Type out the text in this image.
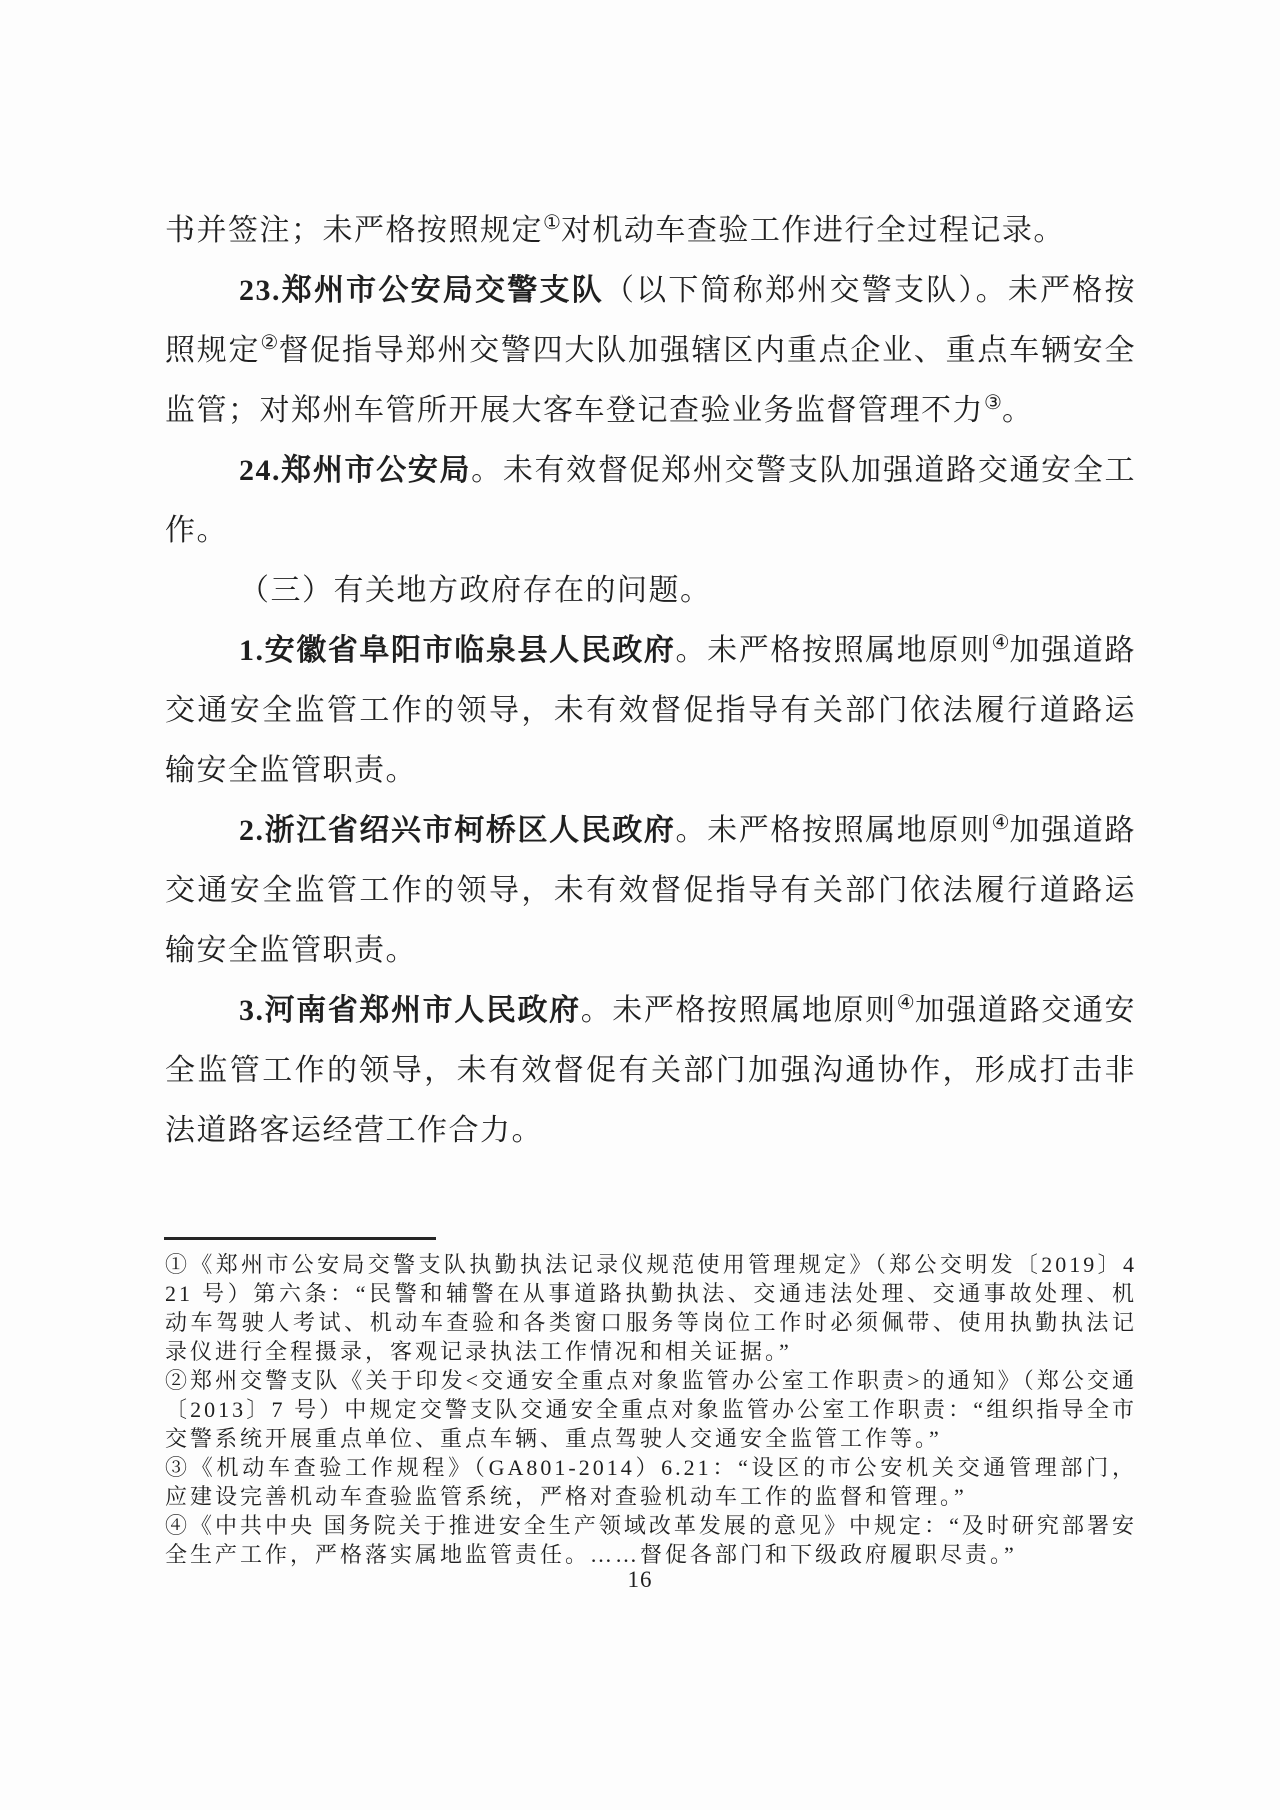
书并签注；未严格按照规定①对机动车查验工作进行全过程记录。

23.郑州市公安局交警支队（以下简称郑州交警支队）。未严格按照规定②督促指导郑州交警四大队加强辖区内重点企业、重点车辆安全监管；对郑州车管所开展大客车登记查验业务监督管理不力③。

24.郑州市公安局。未有效督促郑州交警支队加强道路交通安全工作。

（三）有关地方政府存在的问题。

1.安徽省阜阳市临泉县人民政府。未严格按照属地原则④加强道路交通安全监管工作的领导，未有效督促指导有关部门依法履行道路运输安全监管职责。

2.浙江省绍兴市柯桥区人民政府。未严格按照属地原则④加强道路交通安全监管工作的领导，未有效督促指导有关部门依法履行道路运输安全监管职责。

3.河南省郑州市人民政府。未严格按照属地原则④加强道路交通安全监管工作的领导，未有效督促有关部门加强沟通协作，形成打击非法道路客运经营工作合力。

①《郑州市公安局交警支队执勤执法记录仪规范使用管理规定》（郑公交明发〔2019〕421 号）第六条：“民警和辅警在从事道路执勤执法、交通违法处理、交通事故处理、机动车驾驶人考试、机动车查验和各类窗口服务等岗位工作时必须佩带、使用执勤执法记录仪进行全程摄录，客观记录执法工作情况和相关证据。”

②郑州交警支队《关于印发<交通安全重点对象监管办公室工作职责>的通知》（郑公交通〔2013〕7 号）中规定交警支队交通安全重点对象监管办公室工作职责：“组织指导全市交警系统开展重点单位、重点车辆、重点驾驶人交通安全监管工作等。”

③《机动车查验工作规程》（GA801-2014）6.21：“设区的市公安机关交通管理部门，应建设完善机动车查验监管系统，严格对查验机动车工作的监督和管理。”

④《中共中央 国务院关于推进安全生产领域改革发展的意见》中规定：“及时研究部署安全生产工作，严格落实属地监管责任。……督促各部门和下级政府履职尽责。”

16
